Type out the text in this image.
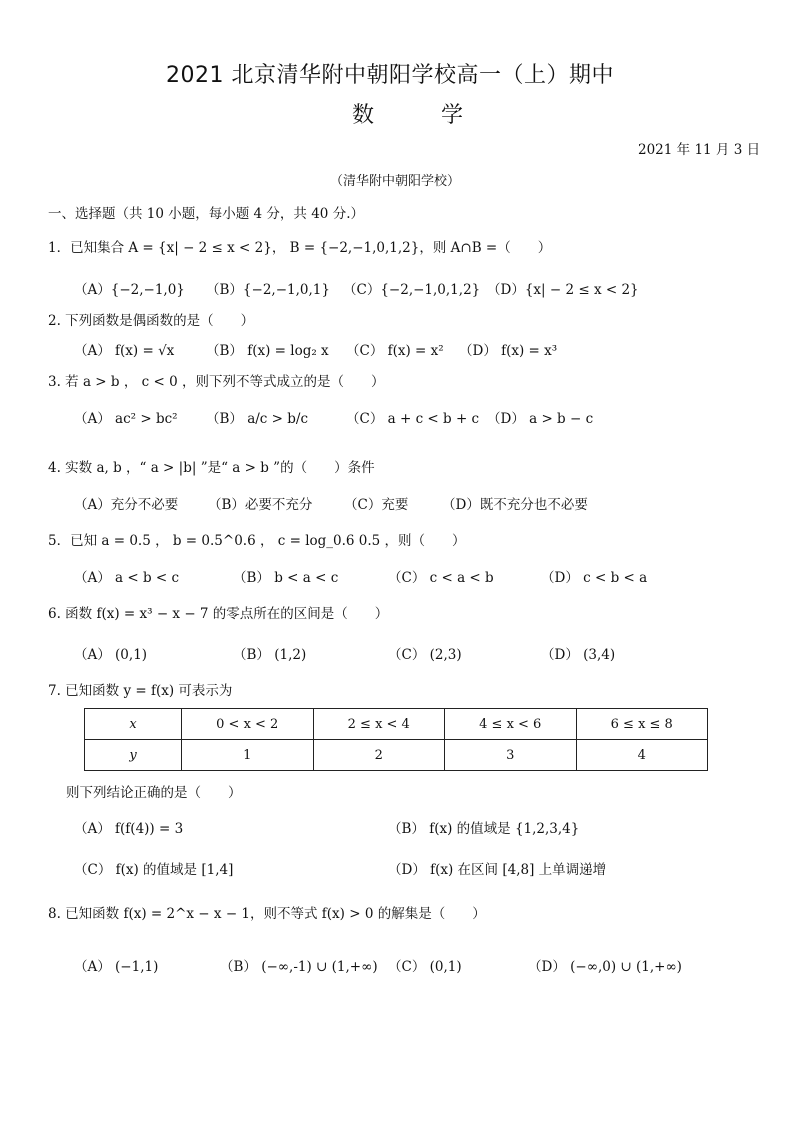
2021 北京清华附中朝阳学校高一（上）期中
数 学
2021 年 11 月 3 日
（清华附中朝阳学校）
一、选择题（共 10 小题，每小题 4 分，共 40 分.）
1．已知集合 A = {x| − 2 ≤ x < 2}， B = {−2,−1,0,1,2}，则 A∩B =（　　）
（A）{−2,−1,0} （B）{−2,−1,0,1} （C）{−2,−1,0,1,2} （D）{x| − 2 ≤ x < 2}
2. 下列函数是偶函数的是（　　）
（A） f(x) = √x （B） f(x) = log₂ x （C） f(x) = x² （D） f(x) = x³
3. 若 a > b ， c < 0 ，则下列不等式成立的是（　　）
（A） ac² > bc² （B） a/c > b/c	（C） a + c < b + c （D） a > b − c
4. 实数 a, b ，“ a > |b| ”是“ a > b ”的（　　）条件
（A）充分不必要 （B）必要不充分 （C）充要 （D）既不充分也不必要
5．已知 a = 0.5 ， b = 0.5^0.6 ， c = log_0.6 0.5 ，则（　　）
（A） a < b < c	（B） b < a < c	（C） c < a < b	（D） c < b < a
6. 函数 f(x) = x³ − x − 7 的零点所在的区间是（　　）
（A） (0,1)	（B） (1,2)	（C） (2,3)	（D） (3,4)
7. 已知函数 y = f(x) 可表示为
x	0 < x < 2	2 ≤ x < 4	4 ≤ x < 6	6 ≤ x ≤ 8
y	1	2	3	4
则下列结论正确的是（　　）
（A） f(f(4)) = 3	（B） f(x) 的值域是 {1,2,3,4}
（C） f(x) 的值域是 [1,4]	（D） f(x) 在区间 [4,8] 上单调递增
8. 已知函数 f(x) = 2^x − x − 1，则不等式 f(x) > 0 的解集是（　　）
（A） (−1,1)	（B） (−∞,-1) ∪ (1,+∞) （C） (0,1)	（D） (−∞,0) ∪ (1,+∞)
